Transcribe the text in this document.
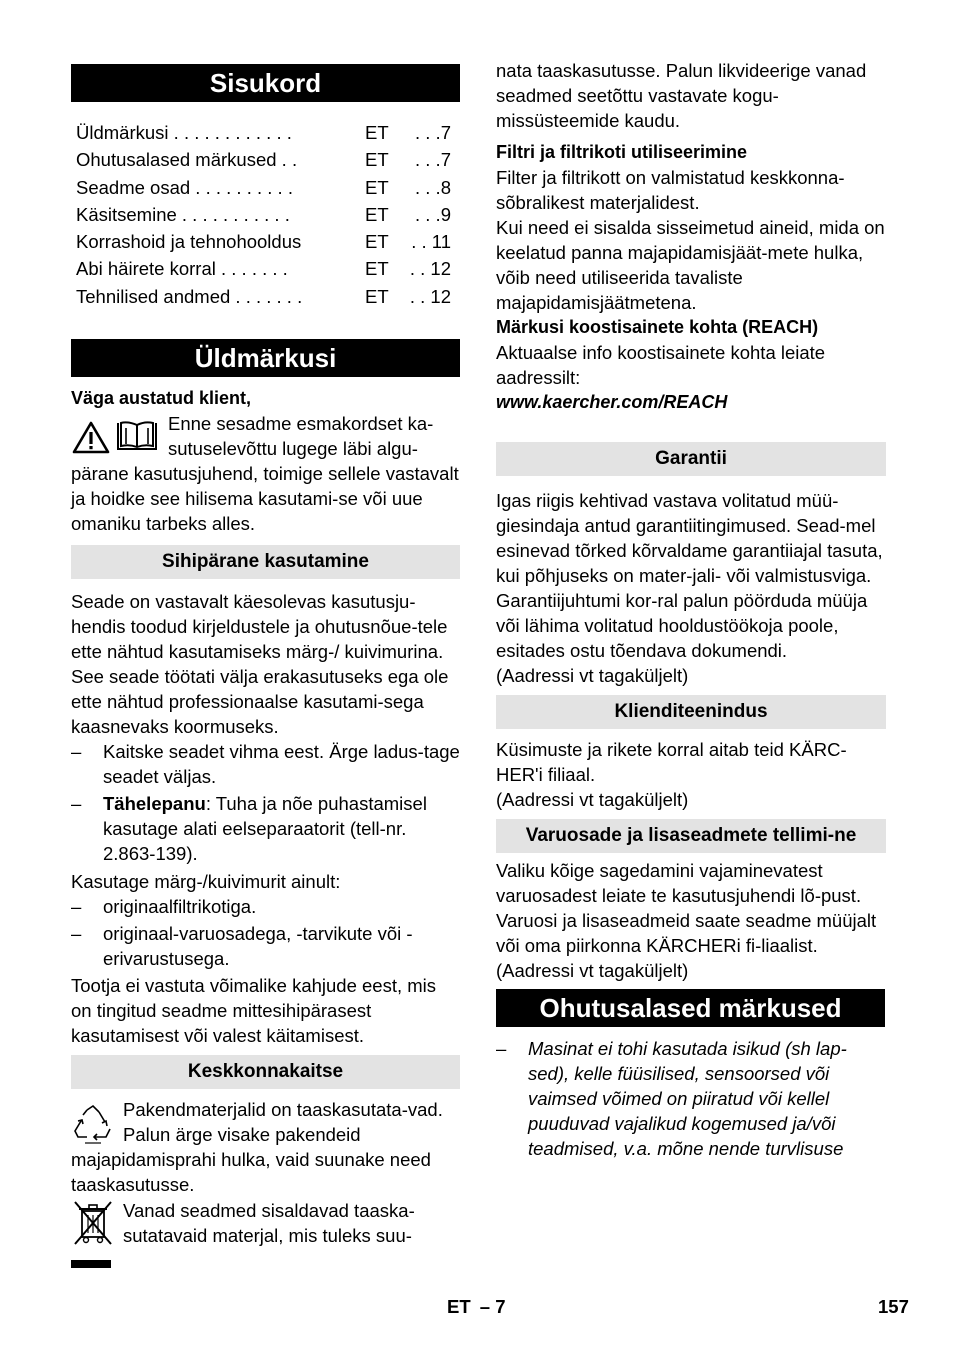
Sisukord
Üldmärkusi . . . . . . . . . . . .	ET . . .7
Ohutusalased märkused . .	ET . . .7
Seadme osad . . . . . . . . . .	ET . . .8
Käsitsemine . . . . . . . . . . .	ET . . .9
Korrashoid ja tehnohooldus	ET . . 11
Abi häirete korral . . . . . . .	ET . . 12
Tehnilised andmed . . . . . . .	ET . . 12
Üldmärkusi

Väga austatud klient,

Enne sesadme esmakordset ka-
sutuselevõttu lugege läbi algu-

pärane kasutusjuhend, toimige sellele vastavalt ja hoidke see hilisema kasutami-se või uue omaniku tarbeks alles.

Sihipärane kasutamine

Seade on vastavalt käesolevas kasutusju-hendis toodud kirjeldustele ja ohutusnõue-tele ette nähtud kasutamiseks märg-/ kuivimurina.

See seade töötati välja erakasutuseks ega ole ette nähtud professionaalse kasutami-sega kaasnevaks koormuseks.

– Kaitske seadet vihma eest. Ärge ladus-tage seadet väljas.
– Tähelepanu: Tuha ja nõe puhastamisel kasutage alati eelseparaatorit (tell-nr. 2.863-139).

Kasutage märg-/kuivimurit ainult:

– originaalfiltrikotiga.
– originaal-varuosadega, -tarvikute või -erivarustusega.

Tootja ei vastuta võimalike kahjude eest, mis on tingitud seadme mittesihipärasest kasutamisest või valest käitamisest.

Keskkonnakaitse

Pakendmaterjalid on taaskasutata-vad. Palun ärge visake pakendeid majapidamisprahi hulka, vaid suunake need taaskasutusse.

Vanad seadmed sisaldavad taaska-sutatavaid materjal, mis tuleks suu-

nata taaskasutusse. Palun likvideerige vanad seadmed seetõttu vastavate kogu-missüsteemide kaudu.

Filtri ja filtrikoti utiliseerimine

Filter ja filtrikott on valmistatud keskkonna-sõbralikest materjalidest.

Kui need ei sisalda sisseimetud aineid, mida on keelatud panna majapidamisjäät-mete hulka, võib need utiliseerida tavaliste majapidamisjäätmetena.

Märkusi koostisainete kohta (REACH)

Aktuaalse info koostisainete kohta leiate aadressilt:

www.kaercher.com/REACH

Garantii

Igas riigis kehtivad vastava volitatud müü-giesindaja antud garantiitingimused. Sead-mel esinevad tõrked kõrvaldame garantiiajal tasuta, kui põhjuseks on mater-jali- või valmistusviga. Garantiijuhtumi kor-ral palun pöörduda müüja või lähima volitatud hooldustöökoja poole, esitades ostu tõendava dokumendi.

(Aadressi vt tagaküljelt)

Klienditeenindus

Küsimuste ja rikete korral aitab teid KÄRC-HER'i filiaal.

(Aadressi vt tagaküljelt)

Varuosade ja lisaseadmete tellimi-ne

Valiku kõige sagedamini vajaminevatest varuosadest leiate te kasutusjuhendi lõ-pust.

Varuosi ja lisaseadmeid saate seadme müüjalt või oma piirkonna KÄRCHERi fi-liaalist.

(Aadressi vt tagaküljelt)

Ohutusalased märkused
– Masinat ei tohi kasutada isikud (sh lap-sed), kelle füüsilised, sensoorsed või vaimsed võimed on piiratud või kellel puuduvad vajalikud kogemused ja/või teadmised, v.a. mõne nende turvlisuse
ET – 7	157
